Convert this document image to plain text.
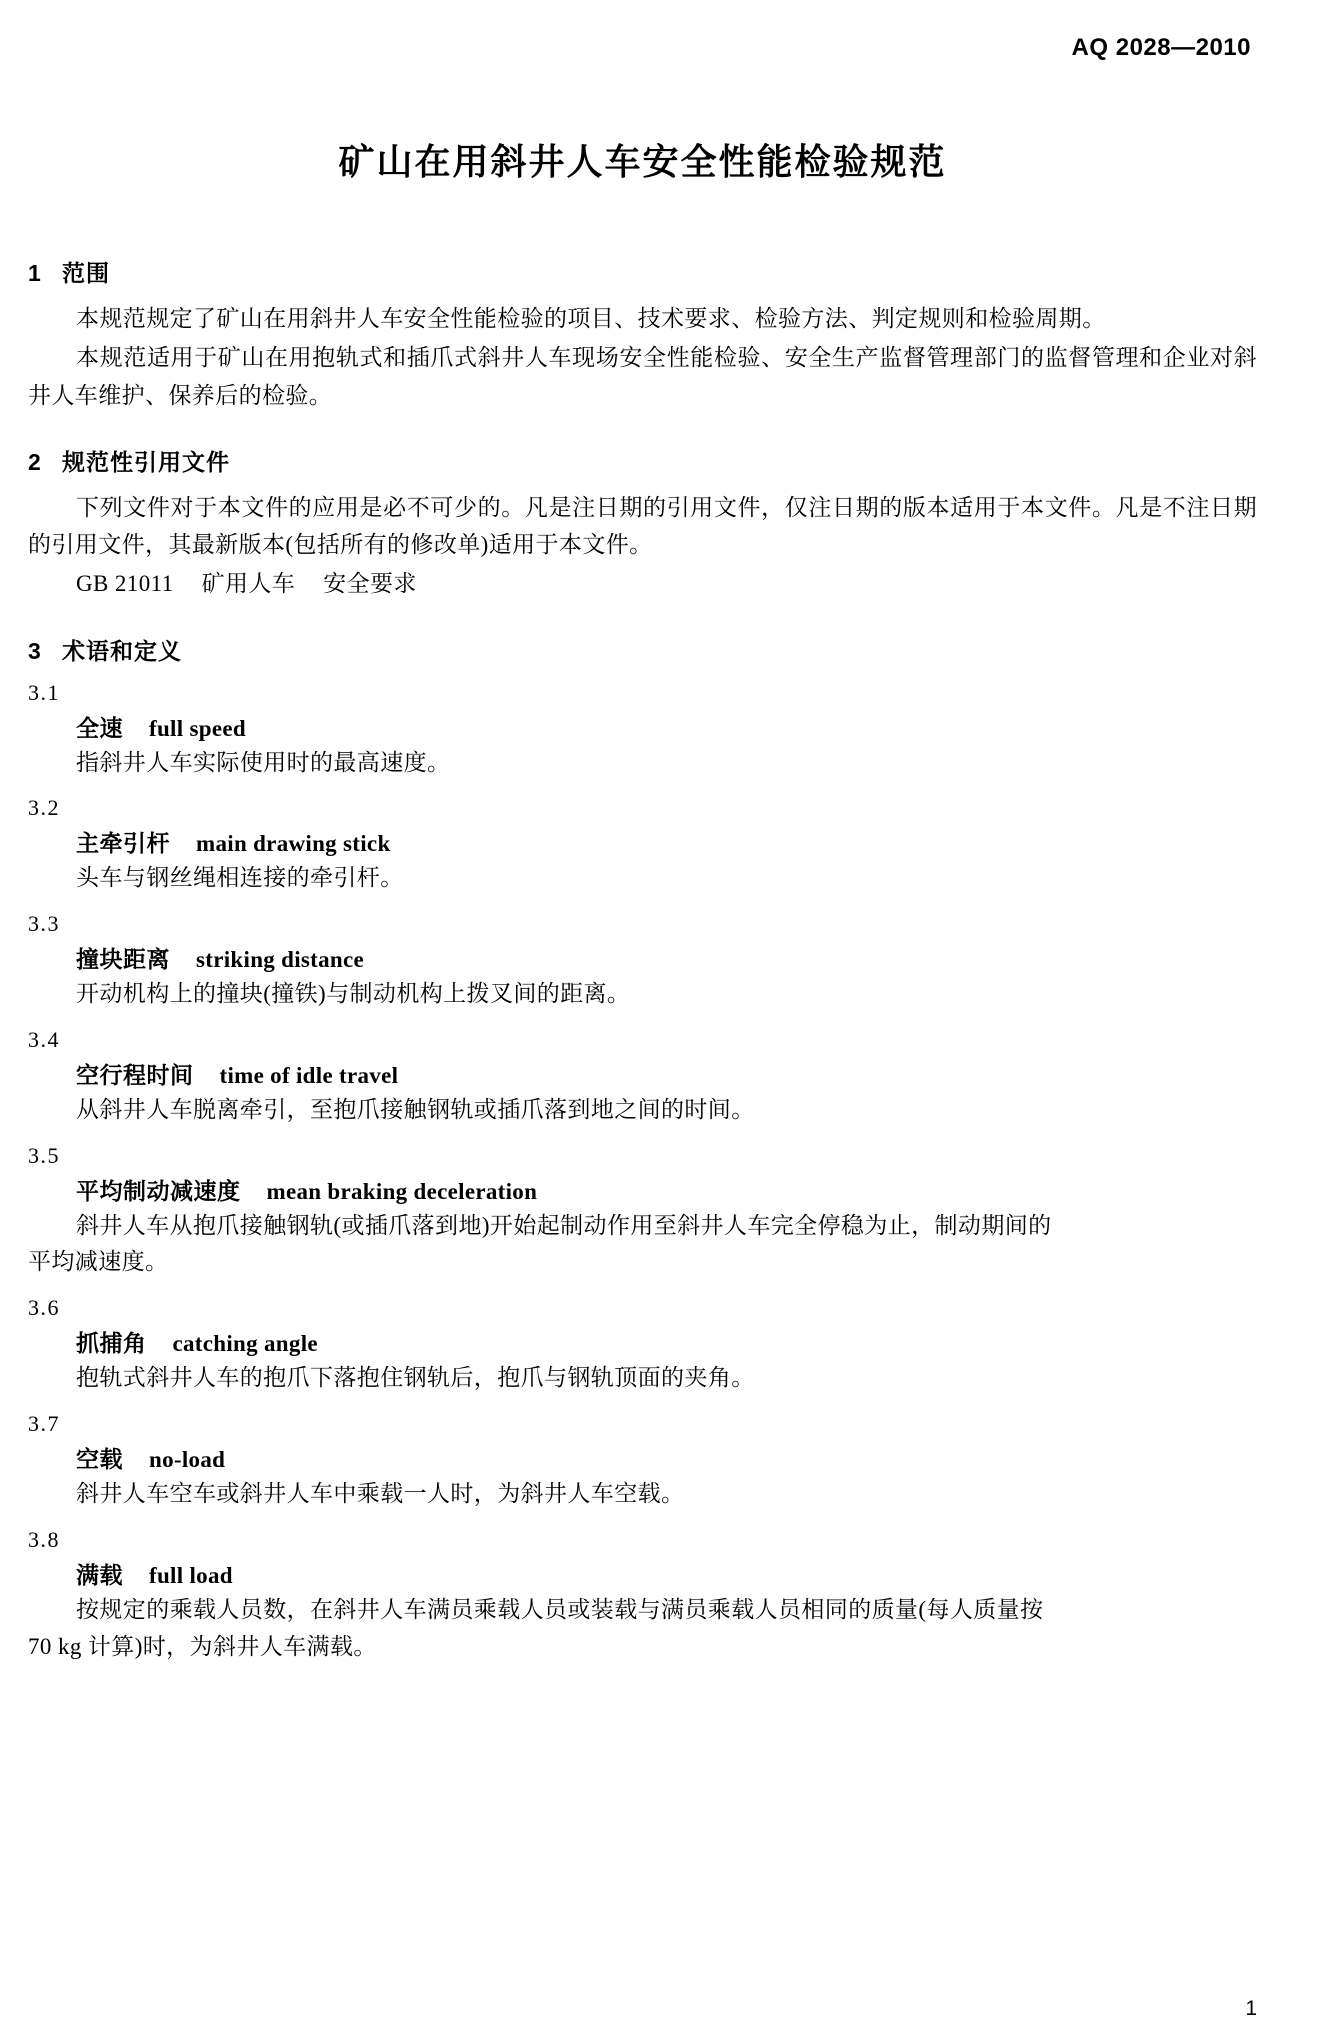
AQ 2028—2010
矿山在用斜井人车安全性能检验规范
1 范围

本规范规定了矿山在用斜井人车安全性能检验的项目、技术要求、检验方法、判定规则和检验周期。

本规范适用于矿山在用抱轨式和插爪式斜井人车现场安全性能检验、安全生产监督管理部门的监督管理和企业对斜井人车维护、保养后的检验。

2 规范性引用文件

下列文件对于本文件的应用是必不可少的。凡是注日期的引用文件，仅注日期的版本适用于本文件。凡是不注日期的引用文件，其最新版本(包括所有的修改单)适用于本文件。

GB 21011 矿用人车 安全要求

3 术语和定义
3.1
全速 full speed
指斜井人车实际使用时的最高速度。
3.2
主牵引杆 main drawing stick
头车与钢丝绳相连接的牵引杆。
3.3
撞块距离 striking distance
开动机构上的撞块(撞铁)与制动机构上拨叉间的距离。
3.4
空行程时间 time of idle travel
从斜井人车脱离牵引，至抱爪接触钢轨或插爪落到地之间的时间。
3.5
平均制动减速度 mean braking deceleration
斜井人车从抱爪接触钢轨(或插爪落到地)开始起制动作用至斜井人车完全停稳为止，制动期间的
平均减速度。
3.6
抓捕角 catching angle
抱轨式斜井人车的抱爪下落抱住钢轨后，抱爪与钢轨顶面的夹角。
3.7
空载 no-load
斜井人车空车或斜井人车中乘载一人时，为斜井人车空载。
3.8
满载 full load
按规定的乘载人员数，在斜井人车满员乘载人员或装载与满员乘载人员相同的质量(每人质量按
70 kg 计算)时，为斜井人车满载。
1
